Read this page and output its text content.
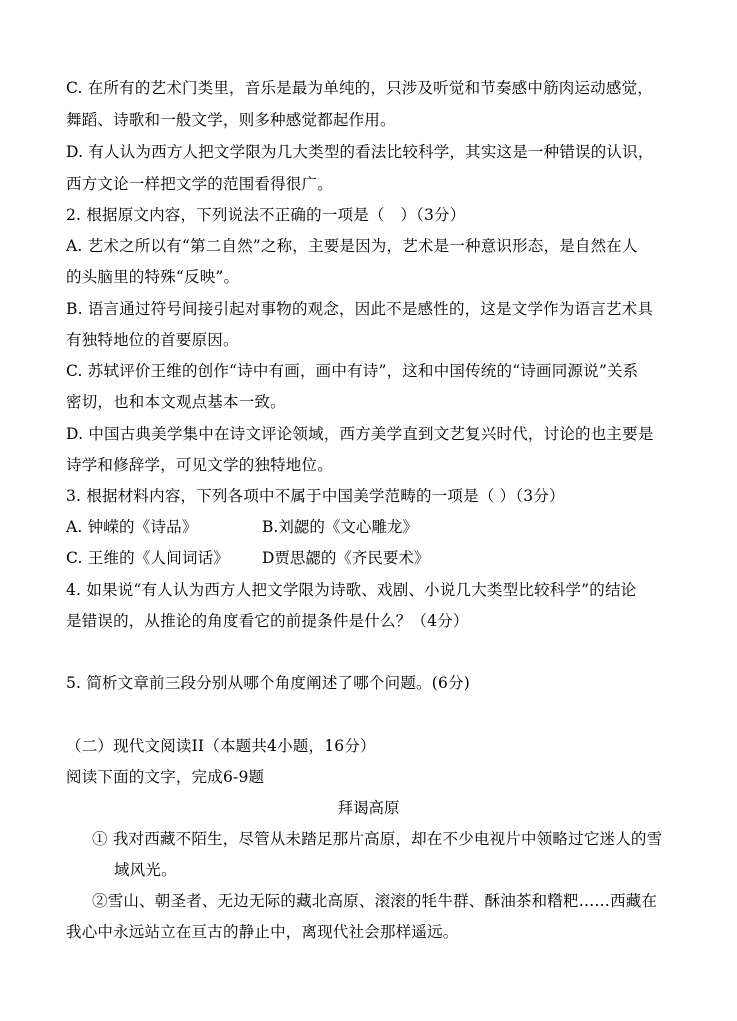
C. 在所有的艺术门类里，音乐是最为单纯的，只涉及听觉和节奏感中筋肉运动感觉，
舞蹈、诗歌和一般文学，则多种感觉都起作用。
D. 有人认为西方人把文学限为几大类型的看法比较科学，其实这是一种错误的认识，
西方文论一样把文学的范围看得很广。
2. 根据原文内容，下列说法不正确的一项是（　）（3分）
A. 艺术之所以有“第二自然”之称，主要是因为，艺术是一种意识形态，是自然在人
的头脑里的特殊“反映”。
B. 语言通过符号间接引起对事物的观念，因此不是感性的，这是文学作为语言艺术具
有独特地位的首要原因。
C. 苏轼评价王维的创作“诗中有画，画中有诗”，这和中国传统的“诗画同源说”关系
密切，也和本文观点基本一致。
D. 中国古典美学集中在诗文评论领域，西方美学直到文艺复兴时代，讨论的也主要是
诗学和修辞学，可见文学的独特地位。
3. 根据材料内容，下列各项中不属于中国美学范畴的一项是（ ）（3分）
A. 钟嵘的《诗品》	B.刘勰的《文心雕龙》
C. 王维的《人间词话》 D贾思勰的《齐民要术》
4. 如果说“有人认为西方人把文学限为诗歌、戏剧、小说几大类型比较科学”的结论
是错误的，从推论的角度看它的前提条件是什么？（4分）
5. 简析文章前三段分别从哪个角度阐述了哪个问题。(6分)
（二）现代文阅读II（本题共4小题，16分）
阅读下面的文字，完成6-9题
拜谒高原
① 我对西藏不陌生，尽管从未踏足那片高原，却在不少电视片中领略过它迷人的雪
域风光。
②雪山、朝圣者、无边无际的藏北高原、滚滚的牦牛群、酥油茶和糌粑……西藏在
我心中永远站立在亘古的静止中，离现代社会那样遥远。
